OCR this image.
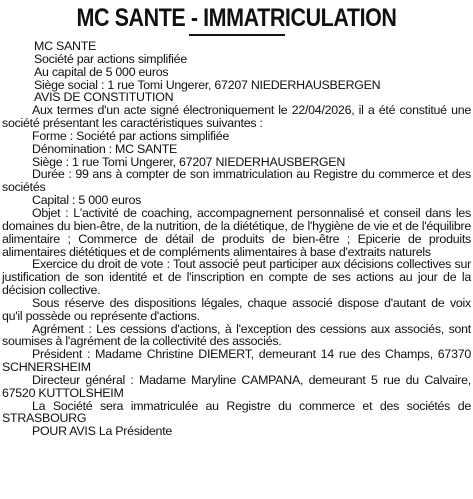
MC SANTE - IMMATRICULATION
MC SANTE
Société par actions simplifiée
Au capital de 5 000 euros
Siège social : 1 rue Tomi Ungerer, 67207 NIEDERHAUSBERGEN
AVIS DE CONSTITUTION

Aux termes d'un acte signé électroniquement le 22/04/2026, il a été constitué une société présentant les caractéristiques suivantes :

Forme : Société par actions simplifiée

Dénomination : MC SANTE

Siège : 1 rue Tomi Ungerer, 67207 NIEDERHAUSBERGEN

Durée : 99 ans à compter de son immatriculation au Registre du commerce et des sociétés

Capital : 5 000 euros

Objet : L'activité de coaching, accompagnement personnalisé et conseil dans les domaines du bien-être, de la nutrition, de la diététique, de l'hygiène de vie et de l'équilibre alimentaire ; Commerce de détail de produits de bien-être ; Epicerie de produits alimentaires diététiques et de compléments alimentaires à base d'extraits naturels

Exercice du droit de vote : Tout associé peut participer aux décisions collectives sur justification de son identité et de l'inscription en compte de ses actions au jour de la décision collective.

Sous réserve des dispositions légales, chaque associé dispose d'autant de voix qu'il possède ou représente d'actions.

Agrément : Les cessions d'actions, à l'exception des cessions aux associés, sont soumises à l'agrément de la collectivité des associés.

Président : Madame Christine DIEMERT, demeurant 14 rue des Champs, 67370 SCHNERSHEIM

Directeur général : Madame Maryline CAMPANA, demeurant 5 rue du Calvaire, 67520 KUTTOLSHEIM

La Société sera immatriculée au Registre du commerce et des sociétés de STRASBOURG

POUR AVIS La Présidente
